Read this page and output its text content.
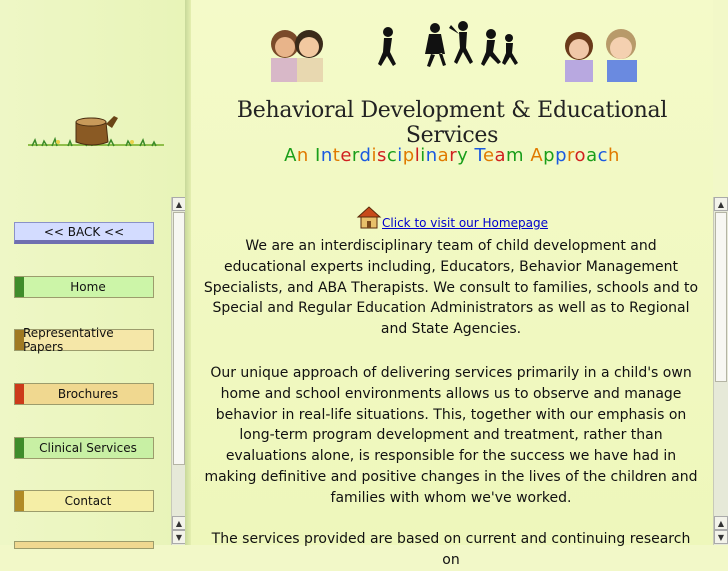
<< BACK <<
Home
Representative Papers
Brochures
Clinical Services
Contact
▲
▲
▼
Behavioral Development & Educational Services
An Interdisciplinary Team Approach
Click to visit our Homepage
We are an interdisciplinary team of child development and educational experts including, Educators, Behavior Management Specialists, and ABA Therapists. We consult to families, schools and to Special and Regular Education Administrators as well as to Regional and State Agencies.
Our unique approach of delivering services primarily in a child's own home and school environments allows us to observe and manage behavior in real-life situations. This, together with our emphasis on long-term program development and treatment, rather than evaluations alone, is responsible for the success we have had in making definitive and positive changes in the lives of the children and families with whom we've worked.
The services provided are based on current and continuing research on
▲
▲
▼
